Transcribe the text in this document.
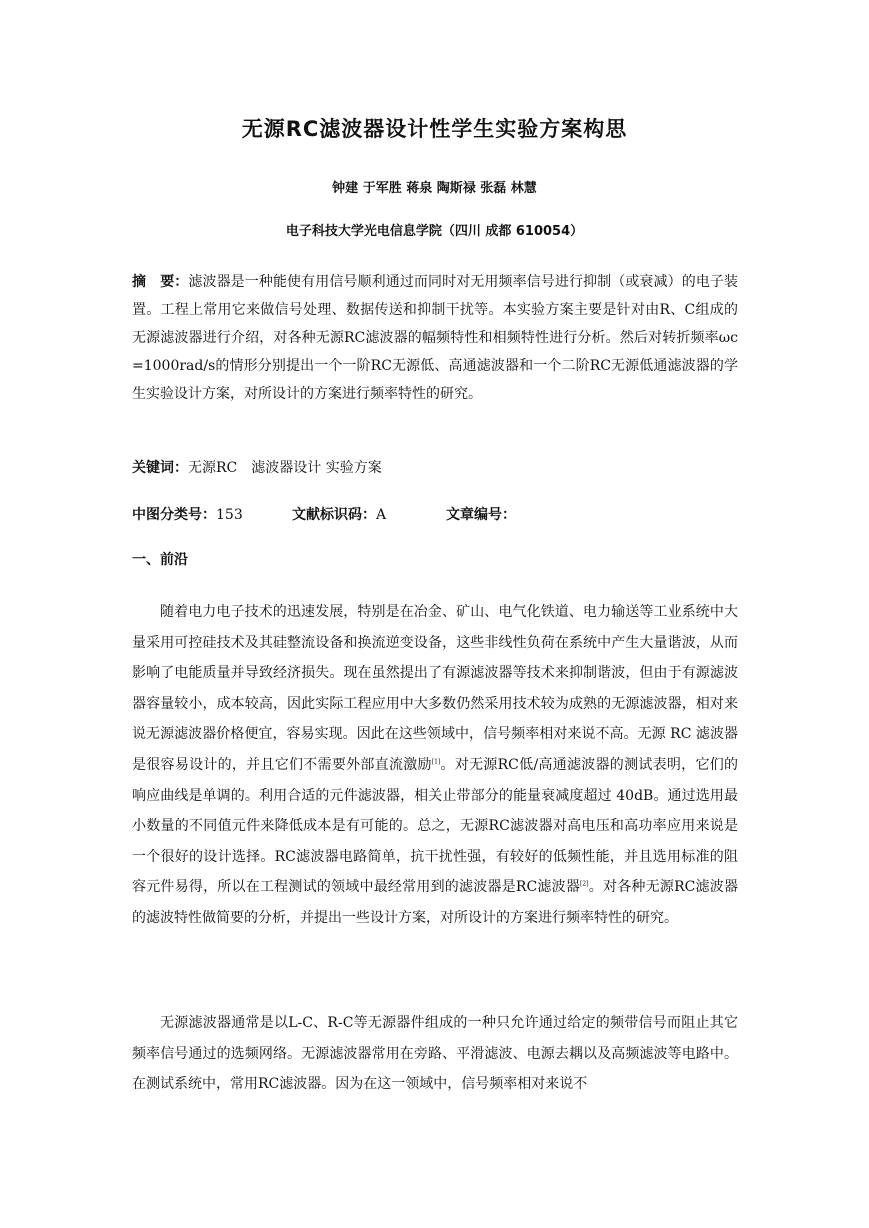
无源RC滤波器设计性学生实验方案构思
钟建 于军胜 蒋泉 陶斯禄 张磊 林慧
电子科技大学光电信息学院（四川 成都 610054）
摘　要：滤波器是一种能使有用信号顺利通过而同时对无用频率信号进行抑制（或衰减）的电子装置。工程上常用它来做信号处理、数据传送和抑制干扰等。本实验方案主要是针对由R、C组成的无源滤波器进行介绍，对各种无源RC滤波器的幅频特性和相频特性进行分析。然后对转折频率ωc =1000rad/s的情形分别提出一个一阶RC无源低、高通滤波器和一个二阶RC无源低通滤波器的学生实验设计方案，对所设计的方案进行频率特性的研究。
关键词：无源RC　滤波器设计 实验方案
中图分类号：153	文献标识码：A	文章编号：
一、前沿
随着电力电子技术的迅速发展，特别是在冶金、矿山、电气化铁道、电力输送等工业系统中大量采用可控硅技术及其硅整流设备和换流逆变设备，这些非线性负荷在系统中产生大量谐波，从而影响了电能质量并导致经济损失。现在虽然提出了有源滤波器等技术来抑制谐波，但由于有源滤波器容量较小，成本较高，因此实际工程应用中大多数仍然采用技术较为成熟的无源滤波器，相对来说无源滤波器价格便宜，容易实现。因此在这些领域中，信号频率相对来说不高。无源 RC 滤波器是很容易设计的，并且它们不需要外部直流激励[1]。对无源RC低/高通滤波器的测试表明，它们的响应曲线是单调的。利用合适的元件滤波器，相关止带部分的能量衰减度超过 40dB。通过选用最小数量的不同值元件来降低成本是有可能的。总之，无源RC滤波器对高电压和高功率应用来说是一个很好的设计选择。RC滤波器电路简单，抗干扰性强，有较好的低频性能，并且选用标准的阻容元件易得，所以在工程测试的领域中最经常用到的滤波器是RC滤波器[2]。对各种无源RC滤波器的滤波特性做简要的分析，并提出一些设计方案，对所设计的方案进行频率特性的研究。
无源滤波器通常是以L-C、R-C等无源器件组成的一种只允许通过给定的频带信号而阻止其它频率信号通过的选频网络。无源滤波器常用在旁路、平滑滤波、电源去耦以及高频滤波等电路中。在测试系统中，常用RC滤波器。因为在这一领域中，信号频率相对来说不
